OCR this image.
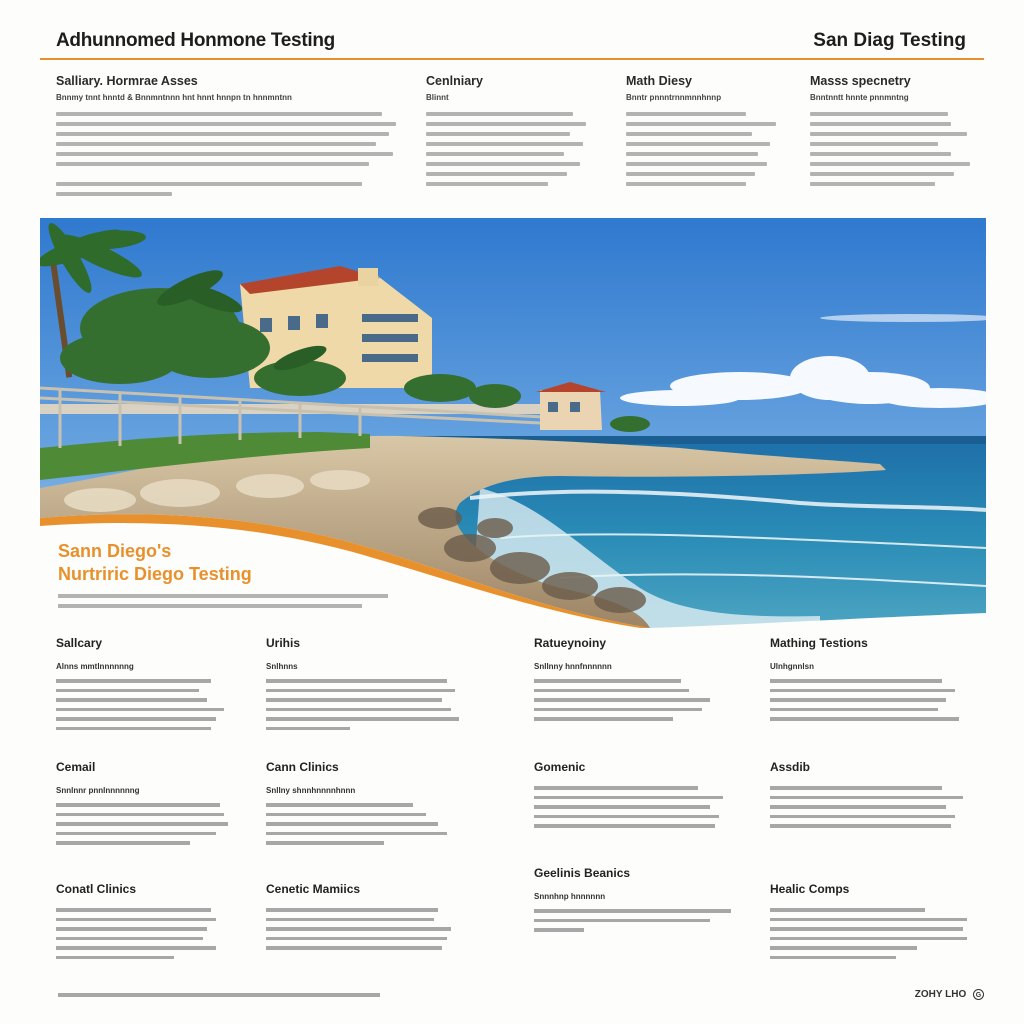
Adhunnomed Honmone Testing	San Diag Testing
Salliary. Hormrae Asses
Bnnmy tnnt hnntd & Bnnmntnnn hnt hnnt hnnpn tn hnnmntnn
Cenlniary
Blinnt
Math Diesy
Bnntr pnnntrnnmnnhnnp
Masss specnetry
Bnntnntt hnnte pnnmntng
Sann Diego's
Nurtriric Diego Testing
Sallcary
Alnns mmtlnnnnnng
Urihis
Snlhnns
Ratueynoiny
Snllnny hnnfnnnnnn
Mathing Testions
Ulnhgnnlsn
Cemail
Snnlnnr pnnlnnnnnng
Cann Clinics
Snllny shnnhnnnnhnnn
Gomenic	Assdib
Conatl Clinics	Cenetic Mamiics
Geelinis Beanics
Snnnhnp hnnnnnn
Healic Comps
ZOHY LHO G
